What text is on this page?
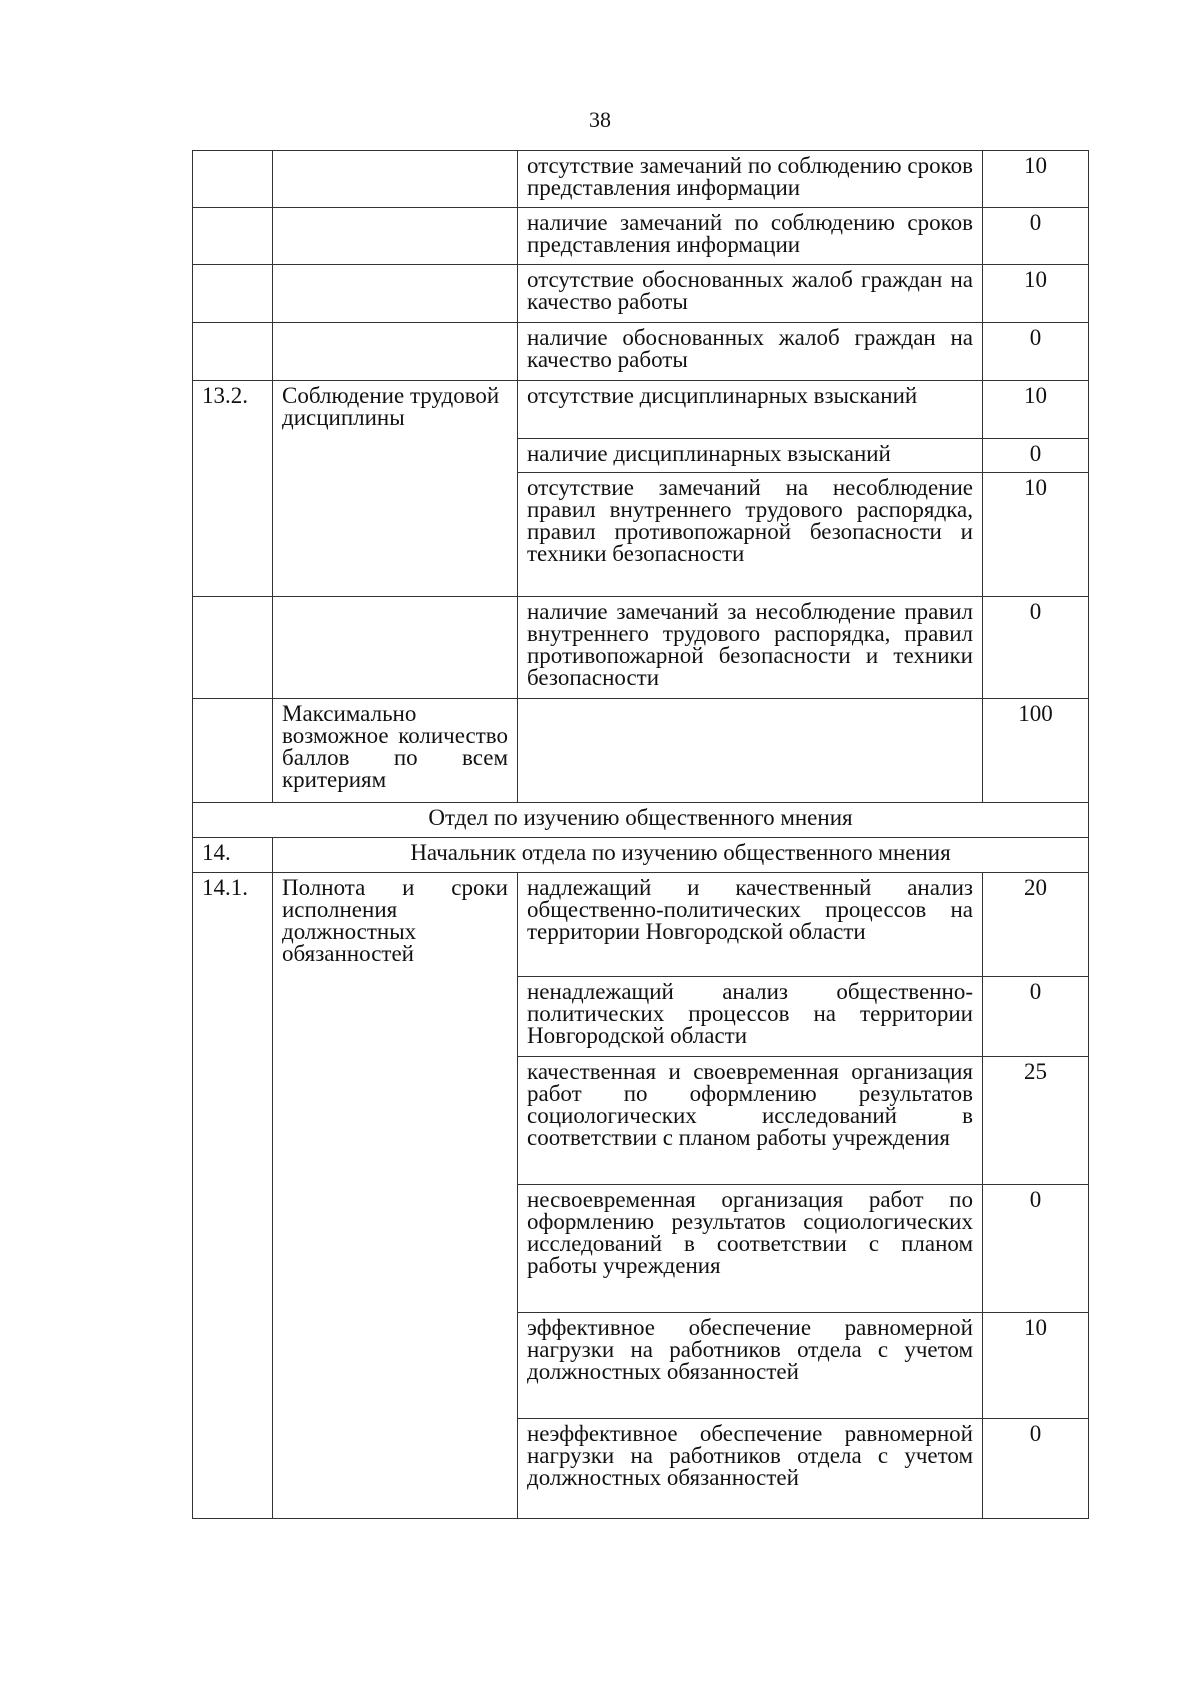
38
		отсутствие замечаний по соблюдению сроков представления информации	10
		наличие замечаний по соблюдению сроков представления информации	0
		отсутствие обоснованных жалоб граждан на качество работы	10
		наличие обоснованных жалоб граждан на качество работы	0
13.2.	Соблюдение трудовой дисциплины	отсутствие дисциплинарных взысканий	10
		наличие дисциплинарных взысканий	0
		отсутствие замечаний на несоблюдение правил внутреннего трудового распорядка, правил противопожарной безопасности и техники безопасности	10
		наличие замечаний за несоблюдение правил внутреннего трудового распорядка, правил противопожарной безопасности и техники безопасности	0
	Максимально возможное количество баллов по всем критериям		100
Отдел по изучению общественного мнения			
14.	Начальник отдела по изучению общественного мнения		
14.1.	Полнота и сроки исполнения должностных обязанностей	надлежащий и качественный анализ общественно-политических процессов на территории Новгородской области	20
		ненадлежащий анализ общественно-политических процессов на территории Новгородской области	0
		качественная и своевременная организация работ по оформлению результатов социологических исследований в соответствии с планом работы учреждения	25
		несвоевременная организация работ по оформлению результатов социологических исследований в соответствии с планом работы учреждения	0
		эффективное обеспечение равномерной нагрузки на работников отдела с учетом должностных обязанностей	10
		неэффективное обеспечение равномерной нагрузки на работников отдела с учетом должностных обязанностей	0
